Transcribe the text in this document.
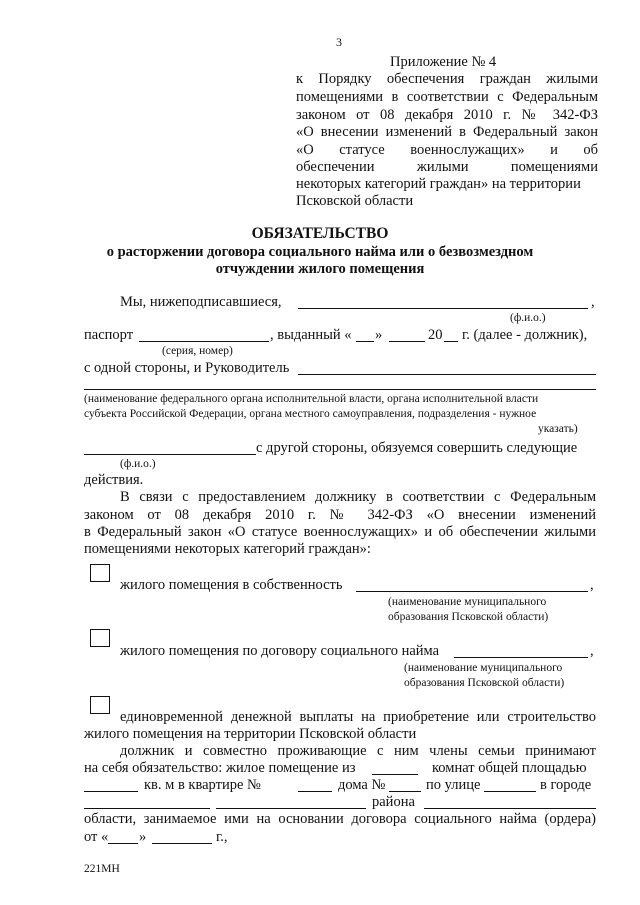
3
Приложение № 4
к Порядку обеспечения граждан жилыми
помещениями в соответствии с Федеральным
законом от 08 декабря 2010 г. № 342-ФЗ
«О внесении изменений в Федеральный закон
«О статусе военнослужащих» и об
обеспечении жилыми помещениями
некоторых категорий граждан» на территории
Псковской области
ОБЯЗАТЕЛЬСТВО
о расторжении договора социального найма или о безвозмездном
отчуждении жилого помещения
Мы, нижеподписавшиеся,	,
(ф.и.о.)
паспорт	, выданный « »	20 г. (далее - должник),
(серия, номер)
с одной стороны, и Руководитель
(наименование федерального органа исполнительной власти, органа исполнительной власти
субъекта Российской Федерации, органа местного самоуправления, подразделения - нужное
указать)
с другой стороны, обязуемся совершить следующие
(ф.и.о.)
действия.
В связи с предоставлением должнику в соответствии с Федеральным
законом от 08 декабря 2010 г. № 342-ФЗ «О внесении изменений
в Федеральный закон «О статусе военнослужащих» и об обеспечении жилыми
помещениями некоторых категорий граждан»:
жилого помещения в собственность	,
(наименование муниципального
образования Псковской области)
жилого помещения по договору социального найма	,
(наименование муниципального
образования Псковской области)
единовременной денежной выплаты на приобретение или строительство
жилого помещения на территории Псковской области
должник и совместно проживающие с ним члены семьи принимают
на себя обязательство: жилое помещение из	комнат общей площадью
кв. м в квартире №	дома №	по улице	в городе
района
области, занимаемое ими на основании договора социального найма (ордера)
от « »	г.,
221МН
